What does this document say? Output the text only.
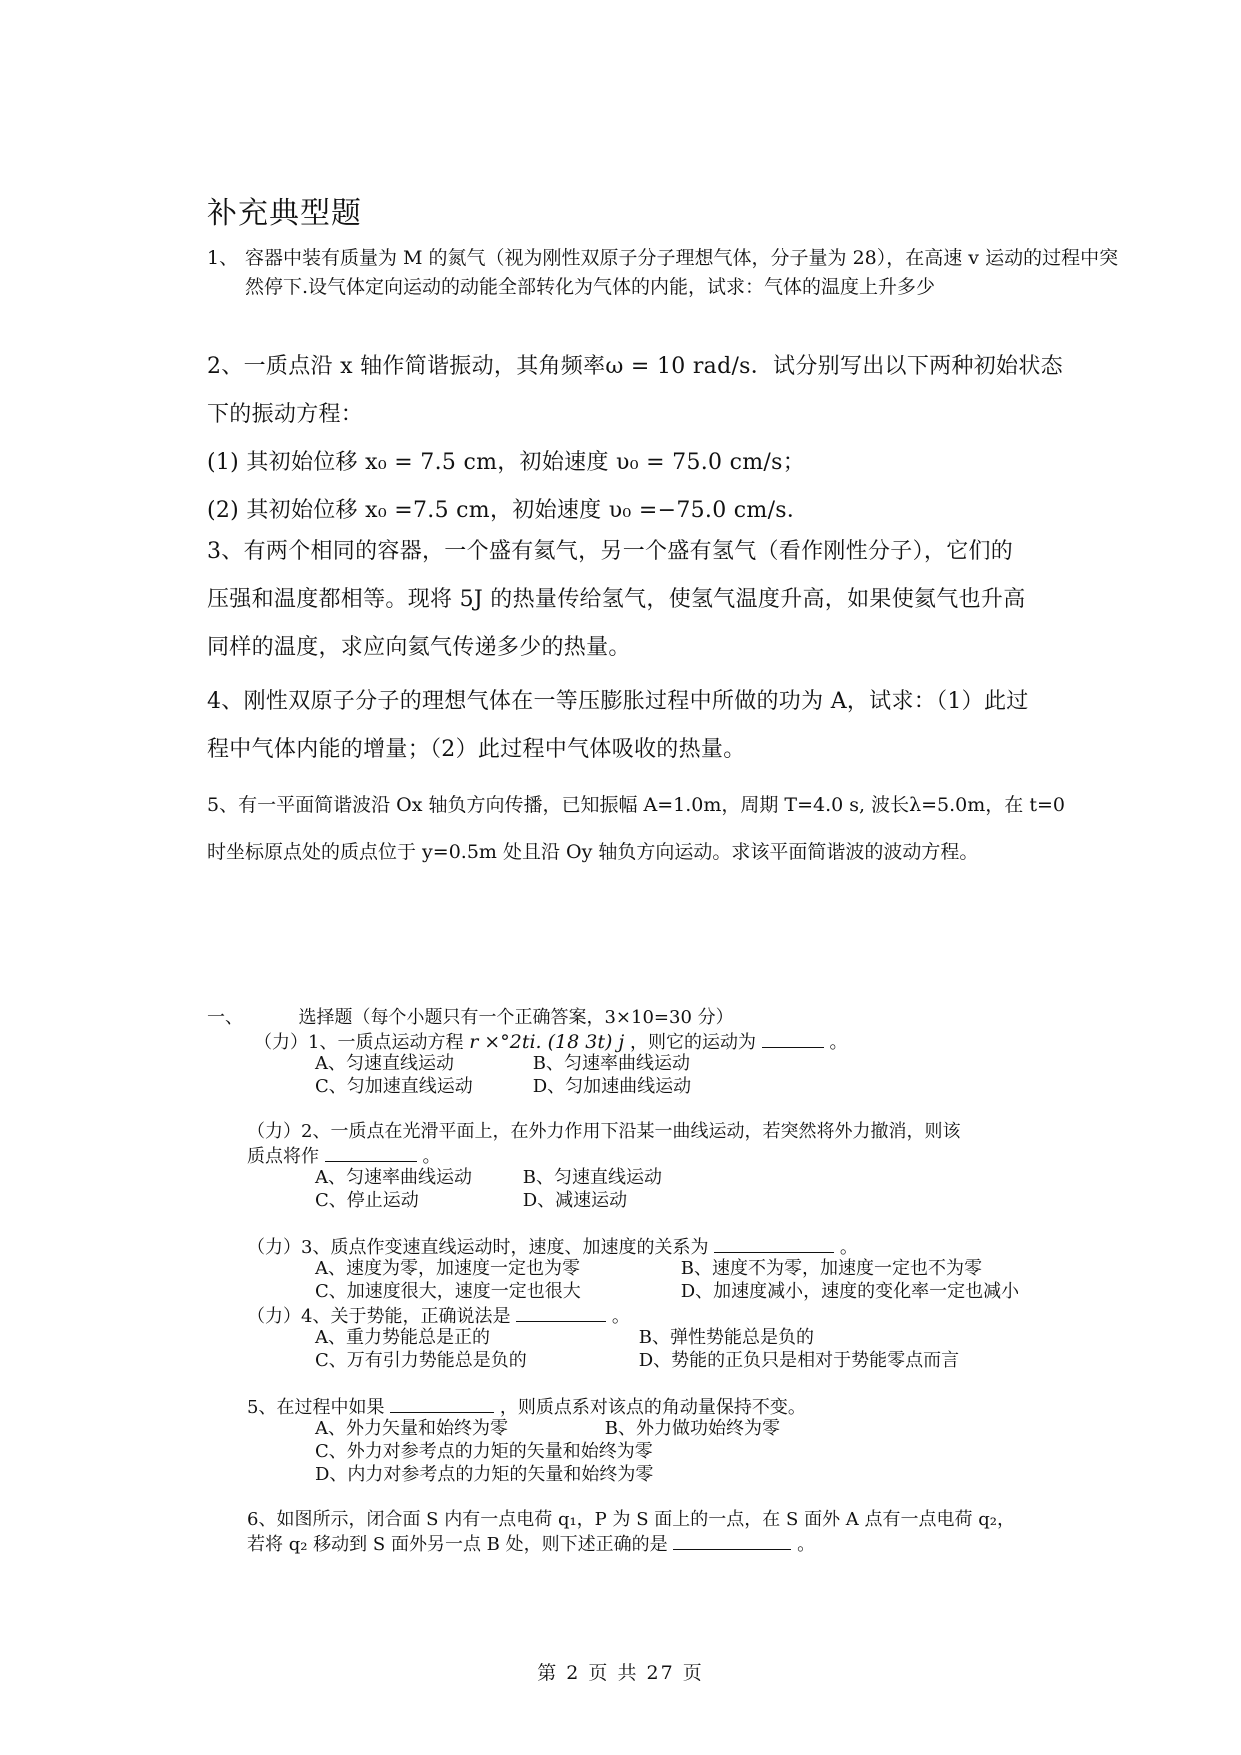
补充典型题
1、 容器中装有质量为 M 的氮气（视为刚性双原子分子理想气体，分子量为 28），在高速 v 运动的过程中突然停下.设气体定向运动的动能全部转化为气体的内能，试求：气体的温度上升多少
2、一质点沿 x 轴作简谐振动，其角频率ω = 10 rad/s．试分别写出以下两种初始状态
下的振动方程：
(1) 其初始位移 x₀ = 7.5 cm，初始速度 υ₀ = 75.0 cm/s；
(2) 其初始位移 x₀ =7.5 cm，初始速度 υ₀ =−75.0 cm/s．
3、有两个相同的容器，一个盛有氦气，另一个盛有氢气（看作刚性分子），它们的
压强和温度都相等。现将 5J 的热量传给氢气，使氢气温度升高，如果使氦气也升高
同样的温度，求应向氦气传递多少的热量。
4、刚性双原子分子的理想气体在一等压膨胀过程中所做的功为 A，试求：（1）此过
程中气体内能的增量；（2）此过程中气体吸收的热量。
5、有一平面简谐波沿 Ox 轴负方向传播，已知振幅 A=1.0m，周期 T=4.0 s, 波长λ=5.0m，在 t=0
时坐标原点处的质点位于 y=0.5m 处且沿 Oy 轴负方向运动。求该平面简谐波的波动方程。
一、	选择题（每个小题只有一个正确答案，3×10=30 分）
（力）1、一质点运动方程 r ×°2ti. (18 3t) j ，则它的运动为	。
A、匀速直线运动	B、匀速率曲线运动
C、匀加速直线运动	D、匀加速曲线运动
（力）2、一质点在光滑平面上，在外力作用下沿某一曲线运动，若突然将外力撤消，则该
质点将作	。
A、匀速率曲线运动	B、匀速直线运动
C、停止运动	D、减速运动
（力）3、质点作变速直线运动时，速度、加速度的关系为	。
A、速度为零，加速度一定也为零	B、速度不为零，加速度一定也不为零
C、加速度很大，速度一定也很大	D、加速度减小，速度的变化率一定也减小
（力）4、关于势能，正确说法是	。
A、重力势能总是正的	B、弹性势能总是负的
C、万有引力势能总是负的	D、势能的正负只是相对于势能零点而言
5、在过程中如果	，则质点系对该点的角动量保持不变。
A、外力矢量和始终为零	B、外力做功始终为零
C、外力对参考点的力矩的矢量和始终为零
D、内力对参考点的力矩的矢量和始终为零
6、如图所示，闭合面 S 内有一点电荷 q₁，P 为 S 面上的一点，在 S 面外 A 点有一点电荷 q₂，
若将 q₂ 移动到 S 面外另一点 B 处，则下述正确的是	。
第 2 页 共 27 页
